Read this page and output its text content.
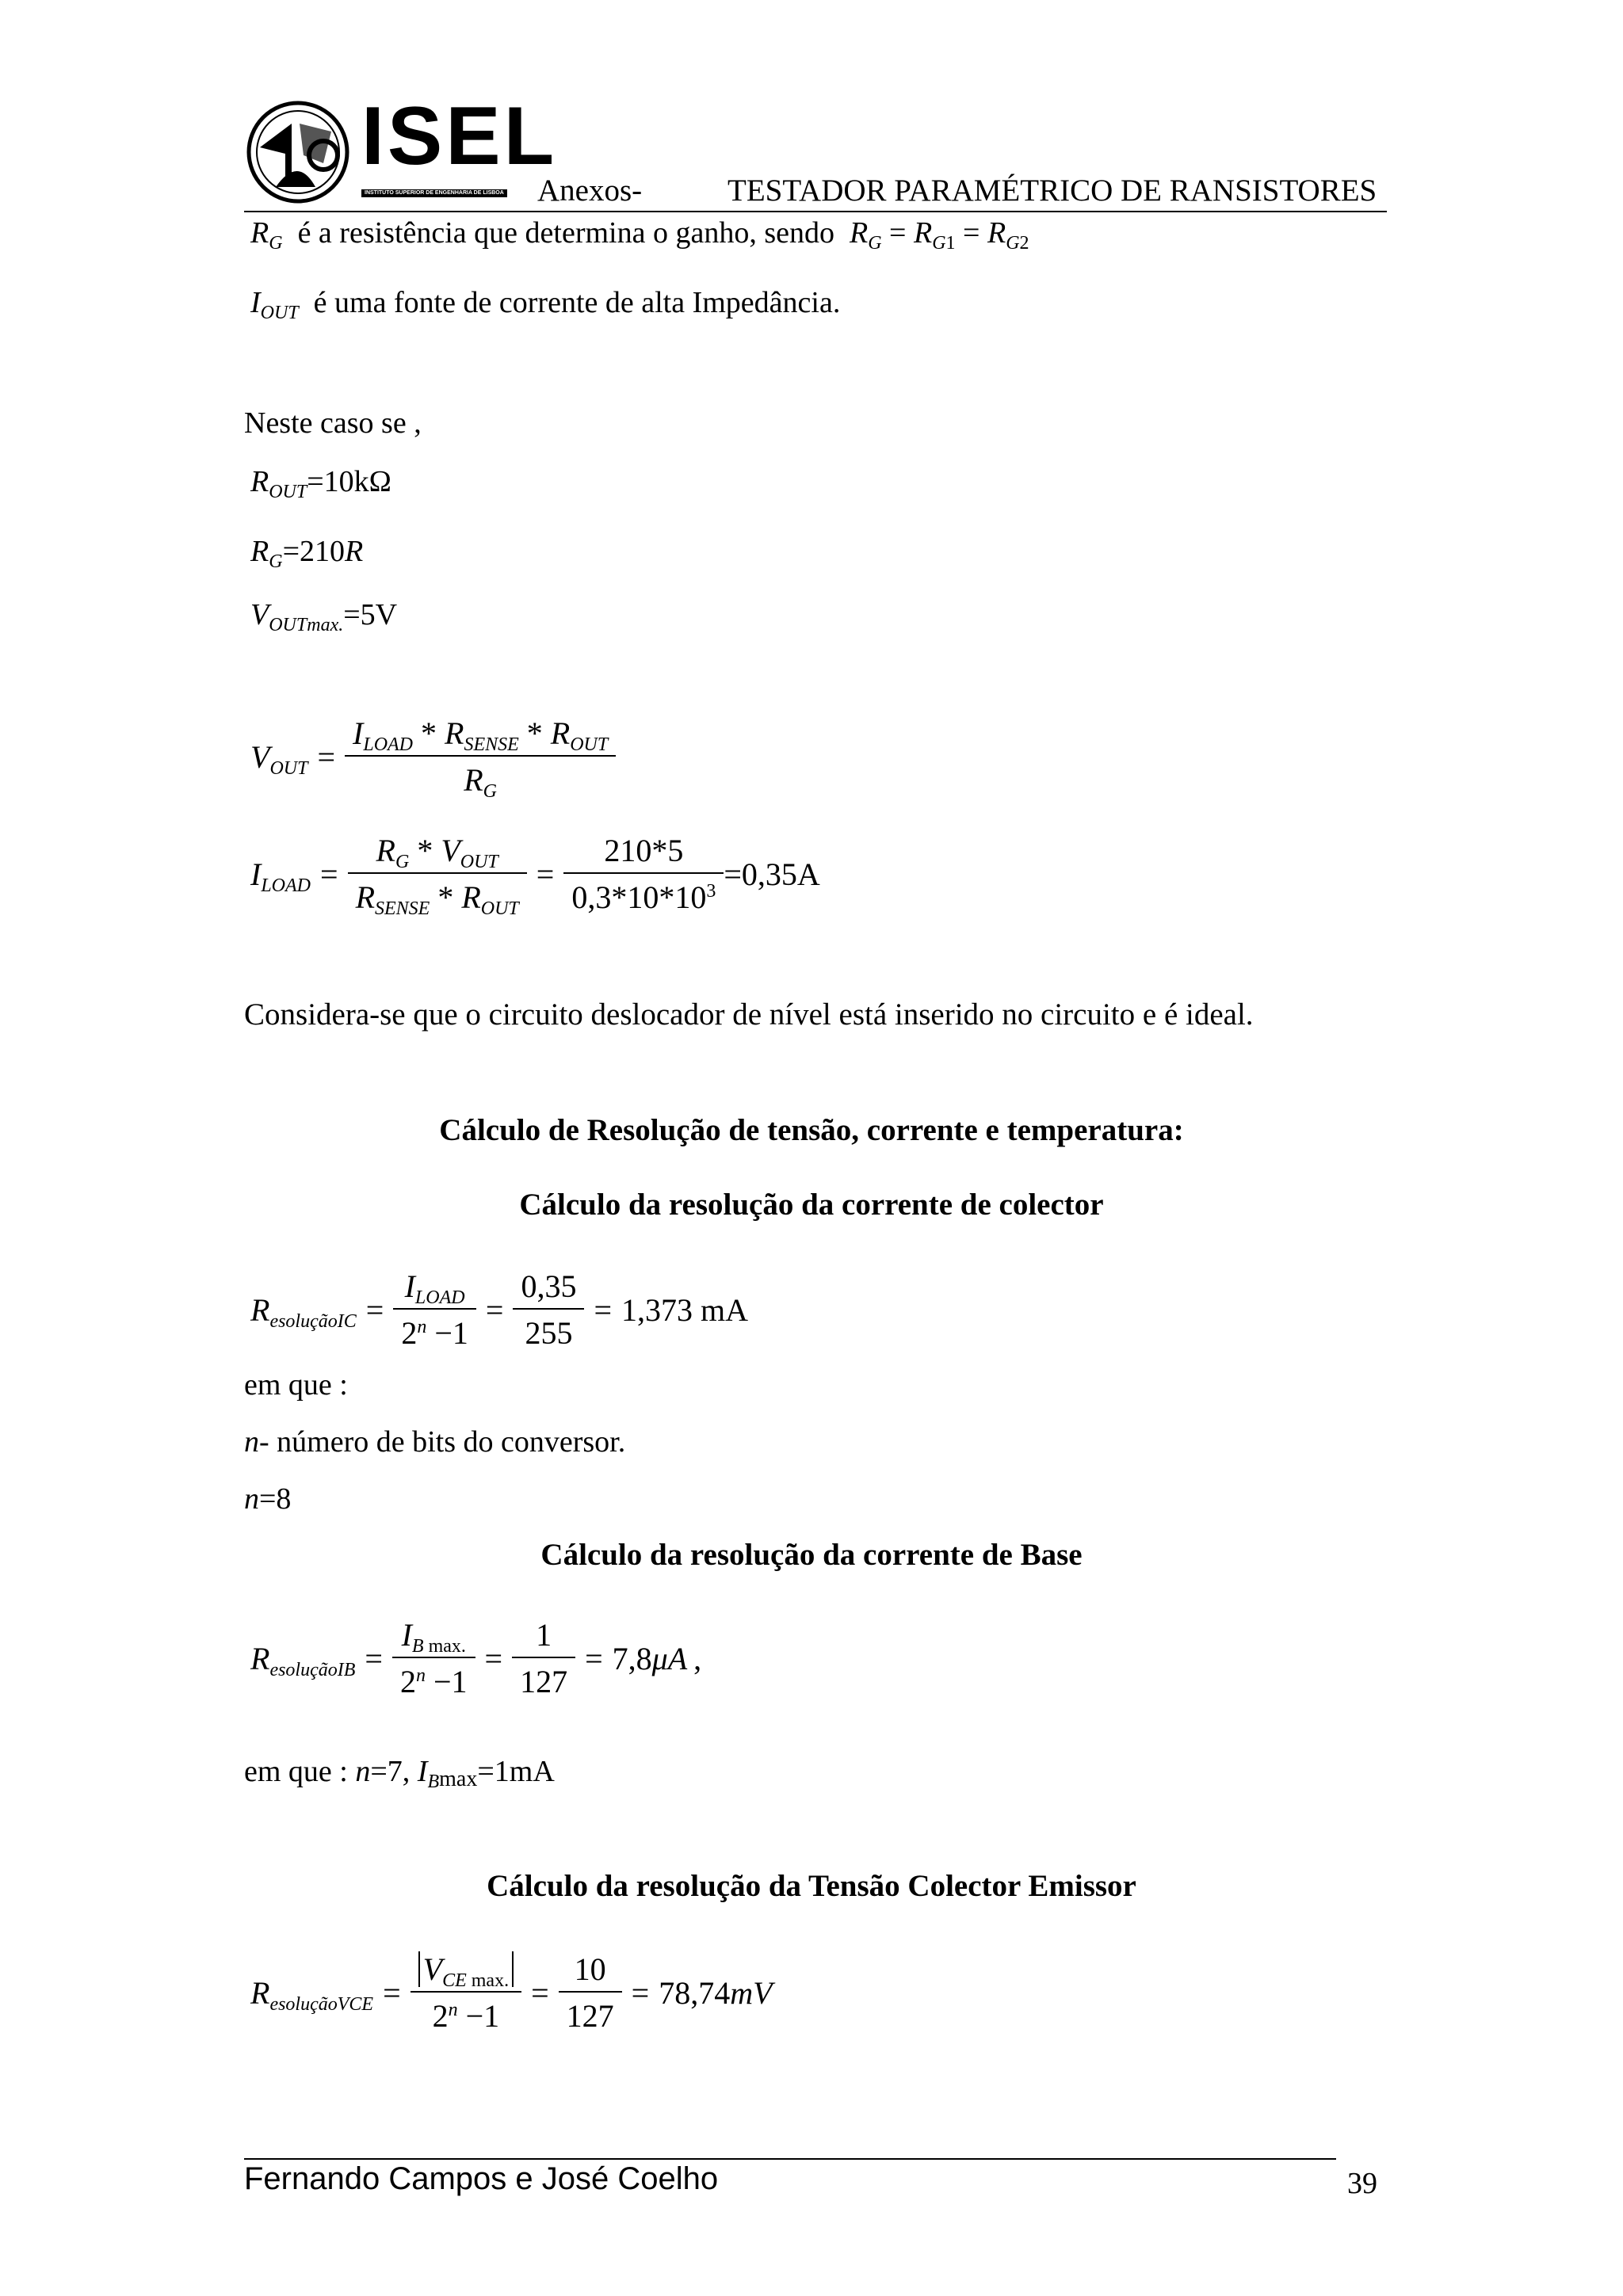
ISEL
INSTITUTO SUPERIOR DE ENGENHARIA DE LISBOA Anexos-	TESTADOR PARAMÉTRICO DE RANSISTORES
$R_G$ é a resistência que determina o ganho, sendo $R_G = R_{G1} = R_{G2}$
$I_{OUT}$ é uma fonte de corrente de alta Impedância.
Neste caso se ,
$R_{OUT}=10k\Omega$
$R_G=210R$
$V_{OUTmax.}=5V$
$V_{OUT} = \frac{I_{LOAD} * R_{SENSE} * R_{OUT}}{R_G}$
$I_{LOAD} = \frac{R_G * V_{OUT}}{R_{SENSE} * R_{OUT}} = \frac{210*5}{0,3*10*10^3} =0,35A$
Considera-se que o circuito deslocador de nível está inserido no circuito e é ideal.
Cálculo de Resolução de tensão, corrente e temperatura:
Cálculo da resolução da corrente de colector
$R_{esoluçãoIC} = \frac{I_{LOAD}}{2^n -1} = \frac{0,35}{255} = 1,373$ mA
em que :
n- número de bits do conversor.
n=8
Cálculo da resolução da corrente de Base
$R_{esoluçãoIB} = \frac{I_{B max.}}{2^n -1} = \frac{1}{127} = 7,8$ μA ,
em que : n=7, $I_{Bmax}=1mA$
Cálculo da resolução da Tensão Colector Emissor
$R_{esoluçãoVCE} = \frac{V_{CE max.}}{2^n -1} = \frac{10}{127} = 78,74$ mV
Fernando Campos e José Coelho	39
